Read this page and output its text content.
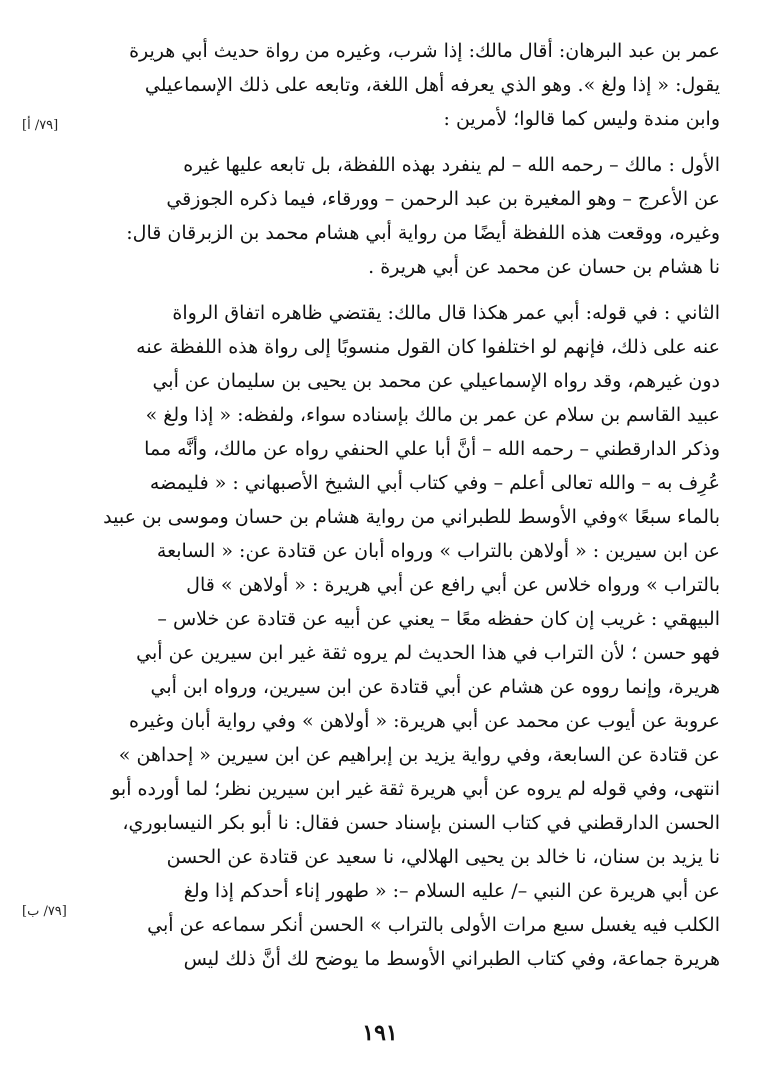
عمر بن عبد البرهان: أقال مالك: إذا شرب، وغيره من رواة حديث أبي هريرة
يقول: « إذا ولغ ». وهو الذي يعرفه أهل اللغة، وتابعه على ذلك الإسماعيلي
وابن مندة وليس كما قالوا؛ لأمرين :
الأول : مالك – رحمه الله – لم ينفرد بهذه اللفظة، بل تابعه عليها غيره
عن الأعرج – وهو المغيرة بن عبد الرحمن – وورقاء، فيما ذكره الجوزقي
وغيره، ووقعت هذه اللفظة أيضًا من رواية أبي هشام محمد بن الزبرقان قال:
نا هشام بن حسان عن محمد عن أبي هريرة .
الثاني : في قوله: أبي عمر هكذا قال مالك: يقتضي ظاهره اتفاق الرواة
عنه على ذلك، فإنهم لو اختلفوا كان القول منسوبًا إلى رواة هذه اللفظة عنه
دون غيرهم، وقد رواه الإسماعيلي عن محمد بن يحيى بن سليمان عن أبي
عبيد القاسم بن سلام عن عمر بن مالك بإسناده سواء، ولفظه: « إذا ولغ »
وذكر الدارقطني – رحمه الله – أنَّ أبا علي الحنفي رواه عن مالك، وأنَّه مما
عُرِف به – والله تعالى أعلم – وفي كتاب أبي الشيخ الأصبهاني : « فليمضه
بالماء سبعًا »وفي الأوسط للطبراني من رواية هشام بن حسان وموسى بن عبيد
عن ابن سيرين : « أولاهن بالتراب » ورواه أبان عن قتادة عن: « السابعة
بالتراب » ورواه خلاس عن أبي رافع عن أبي هريرة : « أولاهن » قال
البيهقي : غريب إن كان حفظه معًا – يعني عن أبيه عن قتادة عن خلاس –
فهو حسن ؛ لأن التراب في هذا الحديث لم يروه ثقة غير ابن سيرين عن أبي
هريرة، وإنما رووه عن هشام عن أبي قتادة عن ابن سيرين، ورواه ابن أبي
عروبة عن أيوب عن محمد عن أبي هريرة: « أولاهن » وفي رواية أبان وغيره
عن قتادة عن السابعة، وفي رواية يزيد بن إبراهيم عن ابن سيرين « إحداهن »
انتهى، وفي قوله لم يروه عن أبي هريرة ثقة غير ابن سيرين نظر؛ لما أورده أبو
الحسن الدارقطني في كتاب السنن بإسناد حسن فقال: نا أبو بكر النيسابوري،
نا يزيد بن سنان، نا خالد بن يحيى الهلالي، نا سعيد عن قتادة عن الحسن
عن أبي هريرة عن النبي –/ عليه السلام –: « طهور إناء أحدكم إذا ولغ
الكلب فيه يغسل سبع مرات الأولى بالتراب » الحسن أنكر سماعه عن أبي
هريرة جماعة، وفي كتاب الطبراني الأوسط ما يوضح لك أنَّ ذلك ليس
[٧٩/ أ]
[٧٩/ ب]
١٩١
